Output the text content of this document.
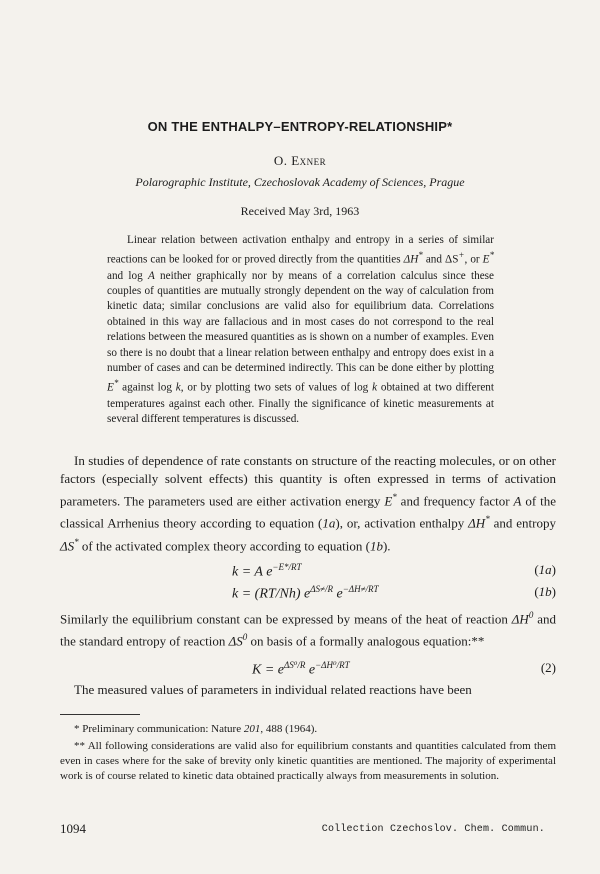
ON THE ENTHALPY–ENTROPY-RELATIONSHIP*
O. Exner
Polarographic Institute, Czechoslovak Academy of Sciences, Prague
Received May 3rd, 1963

Linear relation between activation enthalpy and entropy in a series of similar reactions can be looked for or proved directly from the quantities ΔH* and ΔS+, or E* and log A neither graphically nor by means of a correlation calculus since these couples of quantities are mutually strongly dependent on the way of calculation from kinetic data; similar conclusions are valid also for equilibrium data. Correlations obtained in this way are fallacious and in most cases do not correspond to the real relations between the measured quantities as is shown on a number of examples. Even so there is no doubt that a linear relation between enthalpy and entropy does exist in a number of cases and can be determined indirectly. This can be done either by plotting E* against log k, or by plotting two sets of values of log k obtained at two different temperatures against each other. Finally the significance of kinetic measurements at several different temperatures is discussed.

In studies of dependence of rate constants on structure of the reacting molecules, or on other factors (especially solvent effects) this quantity is often expressed in terms of activation parameters. The parameters used are either activation energy E* and frequency factor A of the classical Arrhenius theory according to equation (1a), or, activation enthalpy ΔH* and entropy ΔS* of the activated complex theory according to equation (1b).

k = A $e^{-E*/RT}$	(1a)
k = (RT/Nh) $e^{\Delta S\ne/R}$ $e^{-\Delta H\ne/RT}$	(1b)

Similarly the equilibrium constant can be expressed by means of the heat of reaction $\Delta H^0$ and the standard entropy of reaction $\Delta S^0$ on basis of a formally analogous equation:**

$K = e^{\Delta S^0/R}$ $e^{-\Delta H^0/RT}$	(2)

The measured values of parameters in individual related reactions have been

* Preliminary communication: Nature 201, 488 (1964).

** All following considerations are valid also for equilibrium constants and quantities calculated from them even in cases where for the sake of brevity only kinetic quantities are mentioned. The majority of experimental work is of course related to kinetic data obtained practically always from measurements in solution.

1094	Collection Czechoslov. Chem. Commun.
